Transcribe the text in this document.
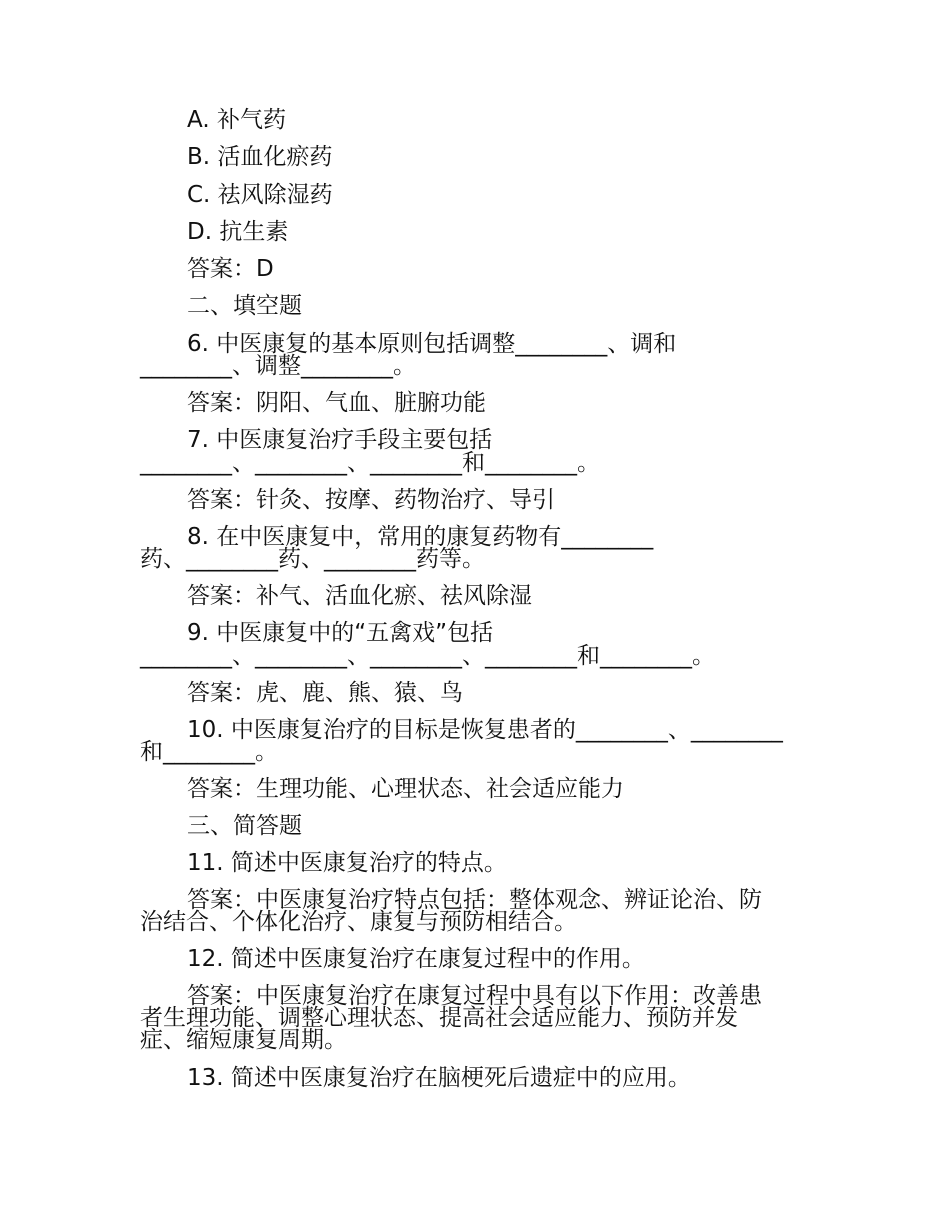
A. 补气药
B. 活血化瘀药
C. 祛风除湿药
D. 抗生素
答案：D
二、填空题
6. 中医康复的基本原则包括调整________、调和
________、调整________。
答案：阴阳、气血、脏腑功能
7. 中医康复治疗手段主要包括
________、________、________和________。
答案：针灸、按摩、药物治疗、导引
8. 在中医康复中，常用的康复药物有________
药、________药、________药等。
答案：补气、活血化瘀、祛风除湿
9. 中医康复中的“五禽戏”包括
________、________、________、________和________。
答案：虎、鹿、熊、猿、鸟
10. 中医康复治疗的目标是恢复患者的________、________
和________。
答案：生理功能、心理状态、社会适应能力
三、简答题
11. 简述中医康复治疗的特点。
答案：中医康复治疗特点包括：整体观念、辨证论治、防
治结合、个体化治疗、康复与预防相结合。
12. 简述中医康复治疗在康复过程中的作用。
答案：中医康复治疗在康复过程中具有以下作用：改善患
者生理功能、调整心理状态、提高社会适应能力、预防并发
症、缩短康复周期。
13. 简述中医康复治疗在脑梗死后遗症中的应用。
